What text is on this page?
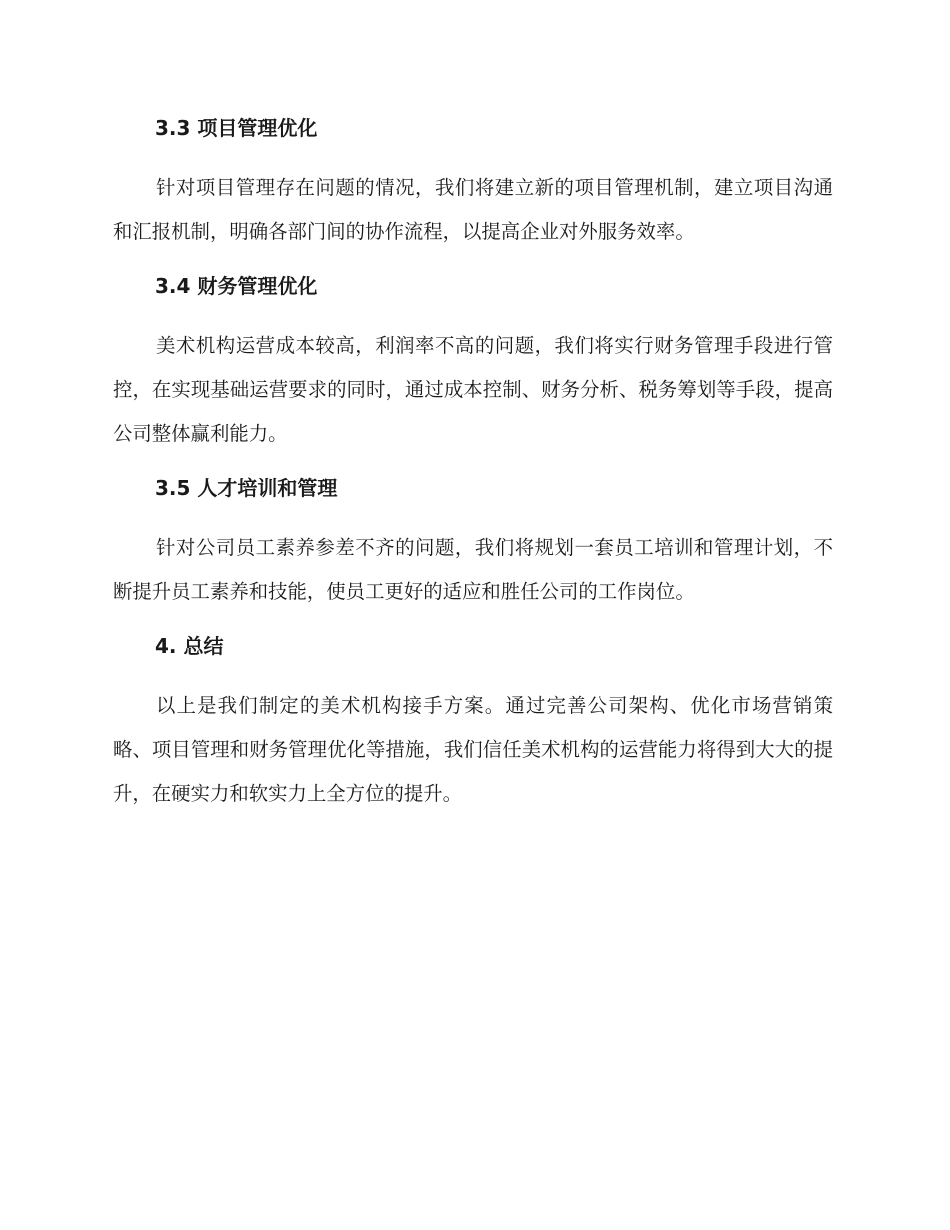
3.3 项目管理优化

针对项目管理存在问题的情况，我们将建立新的项目管理机制，建立项目沟通和汇报机制，明确各部门间的协作流程，以提高企业对外服务效率。

3.4 财务管理优化

美术机构运营成本较高，利润率不高的问题，我们将实行财务管理手段进行管控，在实现基础运营要求的同时，通过成本控制、财务分析、税务筹划等手段，提高公司整体赢利能力。

3.5 人才培训和管理

针对公司员工素养参差不齐的问题，我们将规划一套员工培训和管理计划，不断提升员工素养和技能，使员工更好的适应和胜任公司的工作岗位。

4. 总结

以上是我们制定的美术机构接手方案。通过完善公司架构、优化市场营销策略、项目管理和财务管理优化等措施，我们信任美术机构的运营能力将得到大大的提升，在硬实力和软实力上全方位的提升。
